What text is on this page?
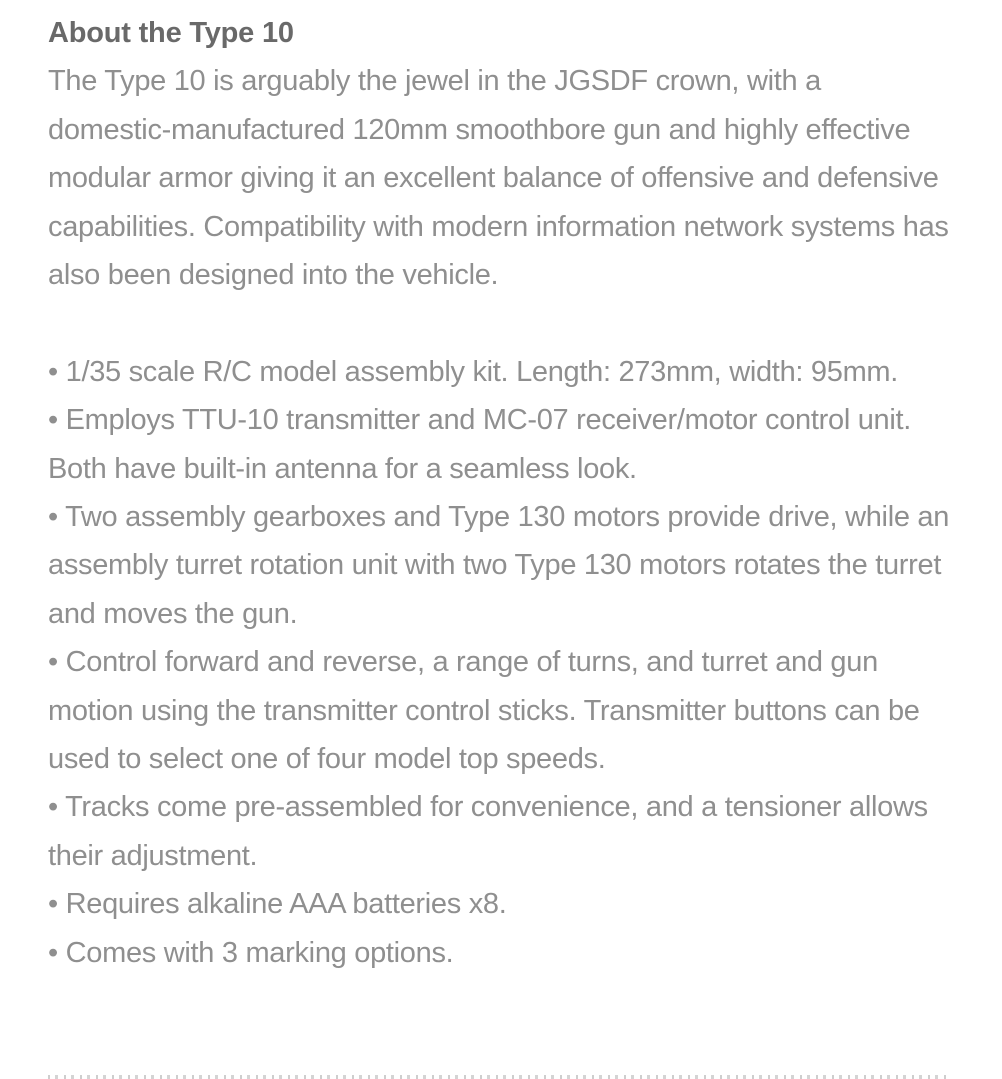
About the Type 10
The Type 10 is arguably the jewel in the JGSDF crown, with a domestic-manufactured 120mm smoothbore gun and highly effective modular armor giving it an excellent balance of offensive and defensive capabilities. Compatibility with modern information network systems has also been designed into the vehicle.
• 1/35 scale R/C model assembly kit. Length: 273mm, width: 95mm.
• Employs TTU-10 transmitter and MC-07 receiver/motor control unit. Both have built-in antenna for a seamless look.
• Two assembly gearboxes and Type 130 motors provide drive, while an assembly turret rotation unit with two Type 130 motors rotates the turret and moves the gun.
• Control forward and reverse, a range of turns, and turret and gun motion using the transmitter control sticks. Transmitter buttons can be used to select one of four model top speeds.
• Tracks come pre-assembled for convenience, and a tensioner allows their adjustment.
• Requires alkaline AAA batteries x8.
• Comes with 3 marking options.
